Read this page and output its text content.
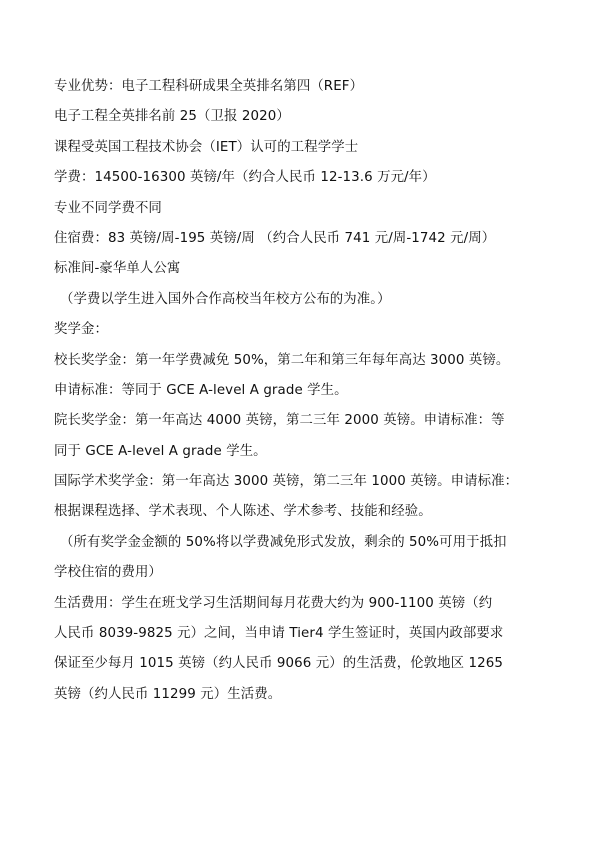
专业优势：电子工程科研成果全英排名第四（REF）
电子工程全英排名前 25（卫报 2020）
课程受英国工程技术协会（IET）认可的工程学学士
学费：14500-16300 英镑/年（约合人民币 12-13.6 万元/年）
专业不同学费不同
住宿费：83 英镑/周-195 英镑/周 （约合人民币 741 元/周-1742 元/周）
标准间-豪华单人公寓
（学费以学生进入国外合作高校当年校方公布的为准。）
奖学金：
校长奖学金：第一年学费减免 50%，第二年和第三年每年高达 3000 英镑。
申请标准：等同于 GCE A-level A grade 学生。
院长奖学金：第一年高达 4000 英镑，第二三年 2000 英镑。申请标准：等
同于 GCE A-level A grade 学生。
国际学术奖学金：第一年高达 3000 英镑，第二三年 1000 英镑。申请标准：
根据课程选择、学术表现、个人陈述、学术参考、技能和经验。
（所有奖学金金额的 50%将以学费减免形式发放，剩余的 50%可用于抵扣
学校住宿的费用）
生活费用：学生在班戈学习生活期间每月花费大约为 900-1100 英镑（约
人民币 8039-9825 元）之间，当申请 Tier4 学生签证时，英国内政部要求
保证至少每月 1015 英镑（约人民币 9066 元）的生活费，伦敦地区 1265
英镑（约人民币 11299 元）生活费。
